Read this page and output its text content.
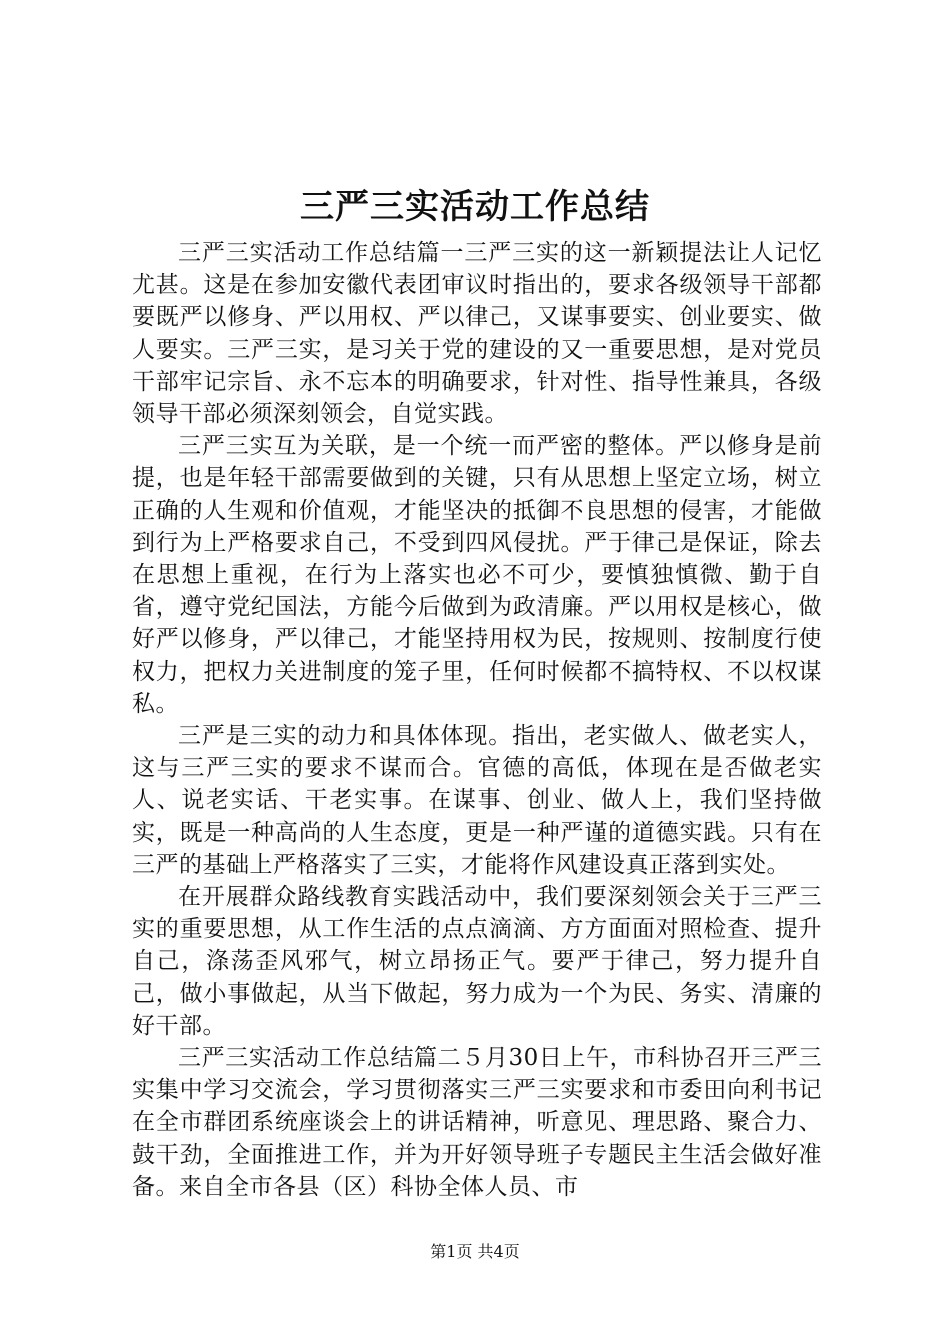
三严三实活动工作总结

三严三实活动工作总结篇一三严三实的这一新颖提法让人记忆尤甚。这是在参加安徽代表团审议时指出的，要求各级领导干部都要既严以修身、严以用权、严以律己，又谋事要实、创业要实、做人要实。三严三实，是习关于党的建设的又一重要思想，是对党员干部牢记宗旨、永不忘本的明确要求，针对性、指导性兼具，各级领导干部必须深刻领会，自觉实践。

三严三实互为关联，是一个统一而严密的整体。严以修身是前提，也是年轻干部需要做到的关键，只有从思想上坚定立场，树立正确的人生观和价值观，才能坚决的抵御不良思想的侵害，才能做到行为上严格要求自己，不受到四风侵扰。严于律己是保证，除去在思想上重视，在行为上落实也必不可少，要慎独慎微、勤于自省，遵守党纪国法，方能今后做到为政清廉。严以用权是核心，做好严以修身，严以律己，才能坚持用权为民，按规则、按制度行使权力，把权力关进制度的笼子里，任何时候都不搞特权、不以权谋私。

三严是三实的动力和具体体现。指出，老实做人、做老实人，这与三严三实的要求不谋而合。官德的高低，体现在是否做老实人、说老实话、干老实事。在谋事、创业、做人上，我们坚持做实，既是一种高尚的人生态度，更是一种严谨的道德实践。只有在三严的基础上严格落实了三实，才能将作风建设真正落到实处。

在开展群众路线教育实践活动中，我们要深刻领会关于三严三实的重要思想，从工作生活的点点滴滴、方方面面对照检查、提升自己，涤荡歪风邪气，树立昂扬正气。要严于律己，努力提升自己，做小事做起，从当下做起，努力成为一个为民、务实、清廉的好干部。

三严三实活动工作总结篇二５月30日上午，市科协召开三严三实集中学习交流会，学习贯彻落实三严三实要求和市委田向利书记在全市群团系统座谈会上的讲话精神，听意见、理思路、聚合力、鼓干劲，全面推进工作，并为开好领导班子专题民主生活会做好准备。来自全市各县（区）科协全体人员、市

第1页 共4页
